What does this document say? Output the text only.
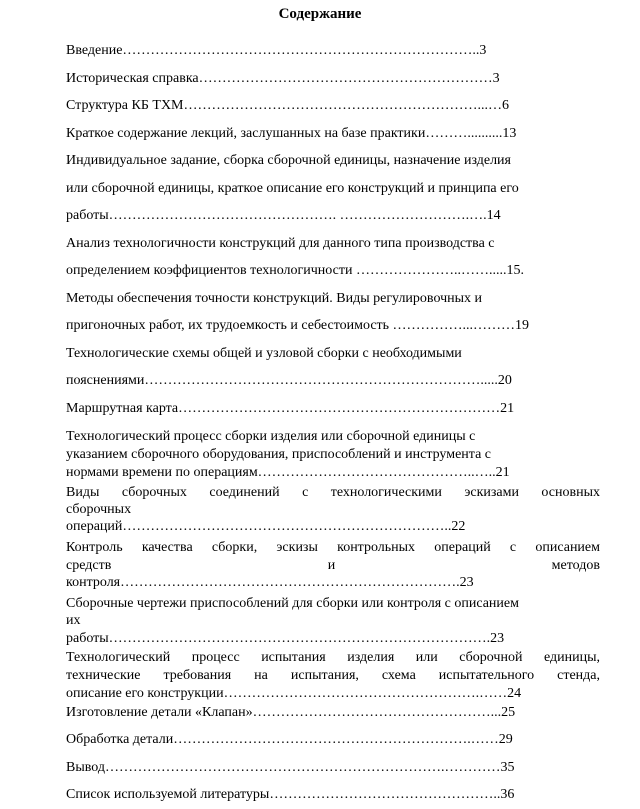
Содержание
Введение…………………………………………………………………..3
Историческая справка………………………………………………………3
Структура КБ ТХМ………………………………………………………...…6
Краткое содержание лекций, заслушанных на базе практики………..........13
Индивидуальное задание, сборка сборочной единицы, назначение изделия
или сборочной единицы, краткое описание его конструкций и принципа его
работы…………………………………………. ……………………….….14
Анализ технологичности конструкций для данного типа производства с
определением коэффициентов технологичности …………………..…….....15.
Методы обеспечения точности конструкций. Виды регулировочных и
пригоночных работ, их трудоемкость и себестоимость ……………...………19
Технологические схемы общей и узловой сборки с необходимыми
пояснениями……………………………………………………………….....20
Маршрутная карта……………………………………………………………21
Технологический процесс сборки изделия или сборочной единицы с
указанием сборочного оборудования, приспособлений и инструмента с
нормами времени по операциям………………………………………..…..21
Виды сборочных соединений с технологическими эскизами основных
сборочных
операций……………………………………………………………..22
Контроль качества сборки, эскизы контрольных операций с описанием
средств и методов
контроля……………………………………………………………….23
Сборочные чертежи приспособлений для сборки или контроля с описанием
их
работы……………………………………………………………………….23
Технологический процесс испытания изделия или сборочной единицы,
технические требования на испытания, схема испытательного стенда,
описание его конструкции……………………………………………….……24
Изготовление детали «Клапан»……………………………………………...25
Обработка детали……………………………………………………….……29
Вывод……………………………………………………………….…………35
Список используемой литературы…………………………………………..36
